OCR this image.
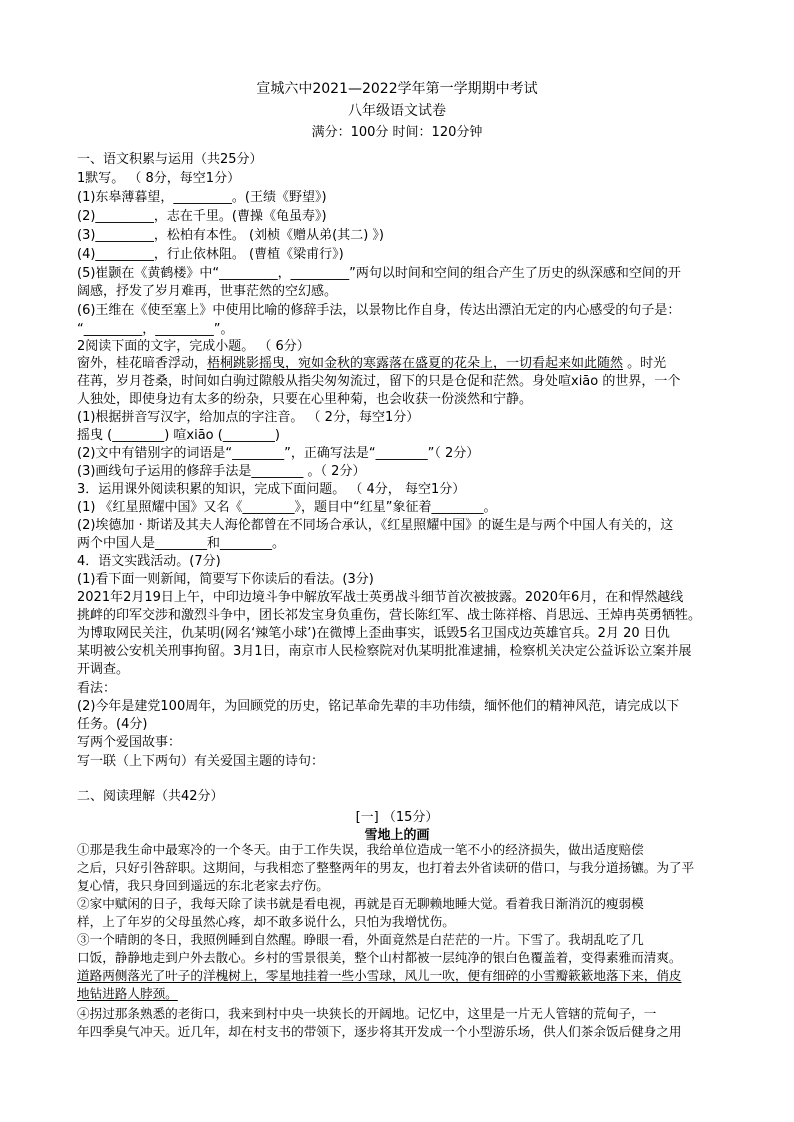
宣城六中2021—2022学年第一学期期中考试
八年级语文试卷
满分：100分 时间：120分钟
一、语文积累与运用（共25分）
1默写。 （ 8分，每空1分）
(1)东皋薄暮望，_________。(王绩《野望》)
(2)_________，志在千里。(曹操《龟虽寿》)
(3)_________，松柏有本性。 (刘桢《赠从弟(其二) 》)
(4)_________，行止依林阻。 (曹植《梁甫行》)
(5)崔颢在《黄鹤楼》中“_________，_________”两句以时间和空间的组合产生了历史的纵深感和空间的开
阔感，抒发了岁月难再，世事茫然的空幻感。
(6)王维在《使至塞上》中使用比喻的修辞手法，以景物比作自身，传达出漂泊无定的内心感受的句子是：
“_________，_________”。
2阅读下面的文字，完成小题。 （ 6分）
窗外，桂花暗香浮动，梧桐跳影摇曳，宛如金秋的寒露落在盛夏的花朵上，一切看起来如此随然 。时光
荏苒，岁月苍桑，时间如白驹过隙般从指尖匆匆流过，留下的只是仓促和茫然。身处喧xiāo 的世界，一个
人独处，即使身边有太多的纷杂，只要在心里种菊，也会收获一份淡然和宁静。
(1)根据拼音写汉字，给加点的字注音。 （ 2分，每空1分）
摇曳 (________) 喧xiāo (________)
(2)文中有错别字的词语是“________”，正确写法是“________”（ 2分）
(3)画线句子运用的修辞手法是________ 。（ 2分）
3．运用课外阅读积累的知识，完成下面问题。 （ 4分， 每空1分）
(1) 《红星照耀中国》又名《________》，题目中“红星”象征着________。
(2)埃德加 · 斯诺及其夫人海伦都曾在不同场合承认，《红星照耀中国》的诞生是与两个中国人有关的，这
两个中国人是________和________。
4．语文实践活动。(7分)
(1)看下面一则新闻，简要写下你读后的看法。(3分)
2021年2月19日上午，中印边境斗争中解放军战士英勇战斗细节首次被披露。2020年6月，在和悍然越线
挑衅的印军交涉和激烈斗争中，团长祁发宝身负重伤，营长陈红军、战士陈祥榕、肖思远、王焯冉英勇牺牲。
为博取网民关注，仇某明(网名‘辣笔小球’)在微博上歪曲事实，诋毁5名卫国戍边英雄官兵。2月 20 日仇
某明被公安机关刑事拘留。3月1日，南京市人民检察院对仇某明批准逮捕，检察机关决定公益诉讼立案并展
开调查。
看法：
(2)今年是建党100周年，为回顾党的历史，铭记革命先辈的丰功伟绩，缅怀他们的精神风范，请完成以下
任务。(4分)
写两个爱国故事：
写一联（上下两句）有关爱国主题的诗句：
二、阅读理解（共42分）
[一] （15分）
雪地上的画
①那是我生命中最寒冷的一个冬天。由于工作失误，我给单位造成一笔不小的经济损失，做出适度赔偿
之后，只好引咎辞职。这期间，与我相恋了整整两年的男友，也打着去外省读研的借口，与我分道扬镳。为了平
复心情，我只身回到遥远的东北老家去疗伤。
②家中赋闲的日子，我每天除了读书就是看电视，再就是百无聊赖地睡大觉。看着我日渐消沉的瘦弱模
样，上了年岁的父母虽然心疼，却不敢多说什么，只怕为我增忧伤。
③一个晴朗的冬日，我照例睡到自然醒。睁眼一看，外面竟然是白茫茫的一片。下雪了。我胡乱吃了几
口饭，静静地走到户外去散心。乡村的雪景很美，整个山村都被一层纯净的银白色覆盖着，变得素雅而清爽。
道路两侧落光了叶子的洋槐树上，零星地挂着一些小雪球，风儿一吹，便有细碎的小雪瓣簌簌地落下来，俏皮
地钻进路人脖颈。
④拐过那条熟悉的老街口，我来到村中央一块狭长的开阔地。记忆中，这里是一片无人管辖的荒甸子，一
年四季臭气冲天。近几年，却在村支书的带领下，逐步将其开发成一个小型游乐场，供人们茶余饭后健身之用
